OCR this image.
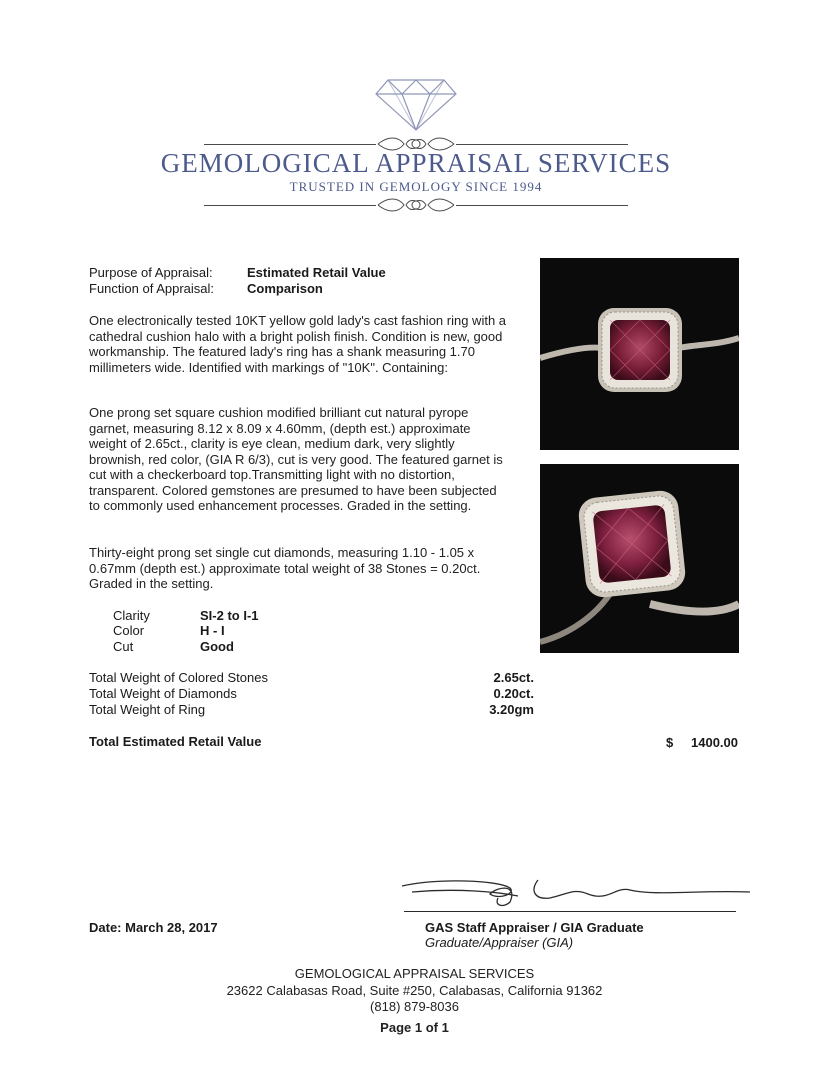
GEMOLOGICAL APPRAISAL SERVICES
TRUSTED IN GEMOLOGY SINCE 1994
Purpose of Appraisal:	Estimated Retail Value
Function of Appraisal:	Comparison
One electronically tested 10KT yellow gold lady's cast fashion ring with a cathedral cushion halo with a bright polish finish. Condition is new, good workmanship. The featured lady's ring has a shank measuring 1.70 millimeters wide. Identified with markings of "10K". Containing:
One prong set square cushion modified brilliant cut natural pyrope garnet, measuring 8.12 x 8.09 x 4.60mm, (depth est.) approximate weight of 2.65ct., clarity is eye clean, medium dark, very slightly brownish, red color, (GIA R 6/3), cut is very good. The featured garnet is cut with a checkerboard top.Transmitting light with no distortion, transparent. Colored gemstones are presumed to have been subjected to commonly used enhancement processes. Graded in the setting.
Thirty-eight prong set single cut diamonds, measuring 1.10 - 1.05 x 0.67mm (depth est.) approximate total weight of 38 Stones = 0.20ct. Graded in the setting.
Clarity	SI-2 to I-1
Color	H - I
Cut	Good
Total Weight of Colored Stones	2.65ct.
Total Weight of Diamonds	0.20ct.
Total Weight of Ring	3.20gm
Total Estimated Retail Value	$	1400.00
Date: March 28, 2017	GAS Staff Appraiser / GIA Graduate
Graduate/Appraiser (GIA)
GEMOLOGICAL APPRAISAL SERVICES
23622 Calabasas Road, Suite #250, Calabasas, California 91362
(818) 879-8036
Page 1 of 1
